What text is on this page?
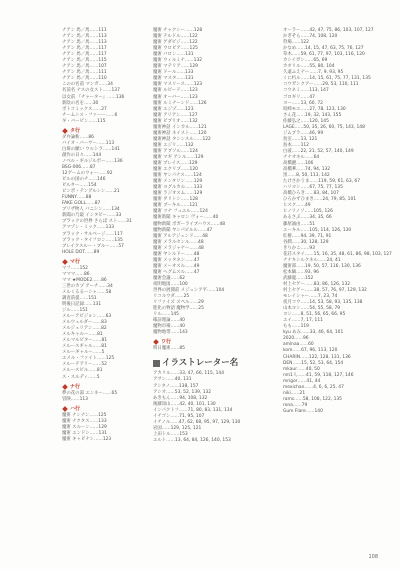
ナアン 馬／馬……111
ナアン 馬／馬……113
ナアン 馬／馬……113
ナアン 馬／馬……117
ナアン 馬／馬……117
ナアン 馬／馬……115
ナアン 馬／馬……107
ナアン 馬／馬……111
ナアン 馬／馬……110
このの名前 マンガ……34
名前名 ナスの女スト……137
以女前 『チャーター』……136
新陰の名を……30
ボトコミックス……27
チームシス・ファーー……6
ギ・バービン……115
タ行
ダ弁論斬……86
バイオ・バーサー……113
白斑の願い ウルトラ……141
創作の日々……144
ノベル・ギルジルポー……136
BSG-006……87
12ゲームのウォー……92
ビルの国のチ……146
ビルター……154
ピンポ・テングルシン……21
FUNNY……88
FAKE GOLL……87
ブリザ物人 バニシン……134
新聞の乃最 インタビー……33
ブラックの世界 さらば スト……31
アマゾン・ミック……133
ブラック・サルベージ……117
ブラック・タイフロン……135
ブレイクスルー・ブルー……57
HOLE DOT……89
マ行
マフ……152
マママ……86
ママ ★MODE2……86
三世のカプ アーチ……34
メルくるるーシャ……58
調査前提……151
明後日記録……131
ジル……151
メルーアビジョン……63
メルウェルダー……83
メルジェリアン……82
メルキャルー……81
メルマルビター……81
メルースギャル……81
メルーギャルー……5
エメル・ファイト……125
メルーテアリー……52
メルースビル……81
ス・スルディ……5
ナ行
夢の花の湯 エンネー……65
冒険……113
ハ行
魔術 ナンナン……125
魔術 ナクタス……133
魔術 スルーン……129
魔術 エンドシ……131
魔術 キャビナシ……123
魔術 チャクシー……128
魔術 テルドル……122
魔術 ゲダビジ……122
魔術 ウロビア……125
魔術 バロン……131
魔術 ウィルミナ……132
魔術 マテリア……129
魔術 ドール……133
魔術 マスタ……131
魔術 マスリース……123
魔術 ルビード……123
魔術 オーバー……123
魔術 ルミナーンド……126
魔術 エジプ……123
魔術 アリアン……127
魔術 ビブリオ……132
魔術神話 インカル……121
魔術神話 ネイスト……120
魔術神話 タシンスル……122
魔術 エジリ……132
魔術 アブソル……124
魔術 マギ アシル……129
魔術 ブレイス……129
魔術 エクリプ……120
魔術 ヤンパナス……124
魔術 メンタリン……129
魔術 ヨグルカル……133
魔術 ラジオスム……129
魔術 ヲリトシ……128
魔術 ブーキル……121
魔術 ツナ フュエル……124
魔術新聞 キャロン ヴォー……40
魔物新聞 ボガーライブハウス……48
魔物新聞 ヤンパピルル……47
魔術 アルアジェンド……48
魔術 メラルセンル……48
魔術 メラジャナー……48
魔術 ヤシルドー……48
魔術 メッタネシ……47
魔術 メーオスル……49
魔術 ヘグムスル……47
魔術会議……62
夜明地図……100
世界の展開前 メジュシア平……104
リコルウダ……25
リファイズ スペル……29
進化の物語 魔物学……25
リル……145
確証理論……40
魔物市場……40
魔物地帯……143
ワ行
明日魔術……85
イラストレーター名
アカリル……33, 47, 66, 115, 144
アサン……40, 131
アシタノ……138, 157
アシオ……53, 52, 139, 132
あきもん……94, 108, 132
後藤知山……42, 40, 101, 130
インパクトフ……71, 80, 83, 131, 134
イチゴン……71, 95, 107
イチノル……47, 62, 68, 95, 97, 129, 130
岩国……129, 125, 121
上田トル……153
エルト……13, 64, 84, 126, 140, 153
オーラー……42, 47, 75, 86, 103, 107, 127
かぎそら……74, 108, 120
狩場……122
かなめ……14, 15, 47, 63, 75, 76, 127
草木……59, 61, 77, 97, 103, 116, 120
カシイガシ……65, 69
カオリル……55, 80, 104
久遠ふえナー……7, 9, 93, 95
くに朽ル……14, 15, 61, 75, 77, 131, 135
コウガシクアー……29, 53, 110, 111
コウネミ……113, 147
ゴロギリ……47
ヨー……13, 60, 72
坂崎モユ……27, 78, 123, 130
さん花……19, 32, 143, 155
佐藤弘之……120, 145
LAGE……50, 35, 26, 60, 75, 143, 148
ジムブラ……46, 99
島室……13, 121
島本……112
白波……22, 21, 52, 57, 140, 149
ナナオキル……64
高橋麗……106
高橋華……74, 94, 132
黒……8, 50, 113, 142
たけさかうま……119, 59, 61, 63, 67
ハリヨシ……67, 75, 77, 135
高橋ひろき……83, 84, 107
ひろかずひまき……24, 79, 85, 101
ヒスク……49
ヒノリノソ……105, 126
あるさぶ……34, 35, 66
藤原誠由……51
ユーキル……105, 114, 126, 130
紅椿……94, 39, 71, 91
谷潤……30, 128, 129
きりかこ……93
花荘スタイ……15, 16, 35, 48, 61, 86, 98, 103, 127
ナナキシルクネル……24, 41
魔術部……19, 50, 57, 116, 130, 136
松本鶴……93, 96
武藤龍……152
村上セゲー……83, 86, 126, 132
村上セゲー……38, 57, 76, 97, 129, 132
モレイシャー……7, 23, 74
夜月コウ……14, 53, 58, 93, 135, 138
山本ヨシ……54, 55, 58, 79
ヨシ……8, 51, 56, 65, 66, 95
エイ……7, 17, 111
もも……119
kyu あみ……33, 46, 64, 101
2020……96
aminaa……60
kom……67, 96, 113, 120
CHARIN……122, 128, 131, 136
DEN……15, 52, 53, 64, 154
mkaur……40, 50
nm1人……41, 59, 118, 127, 146
mrigor……41, 44
mexichan……4, 6, 6, 25, 47
niki……21
rams……58, 108, 122, 135
rona……79
Gum Flare……140
108
